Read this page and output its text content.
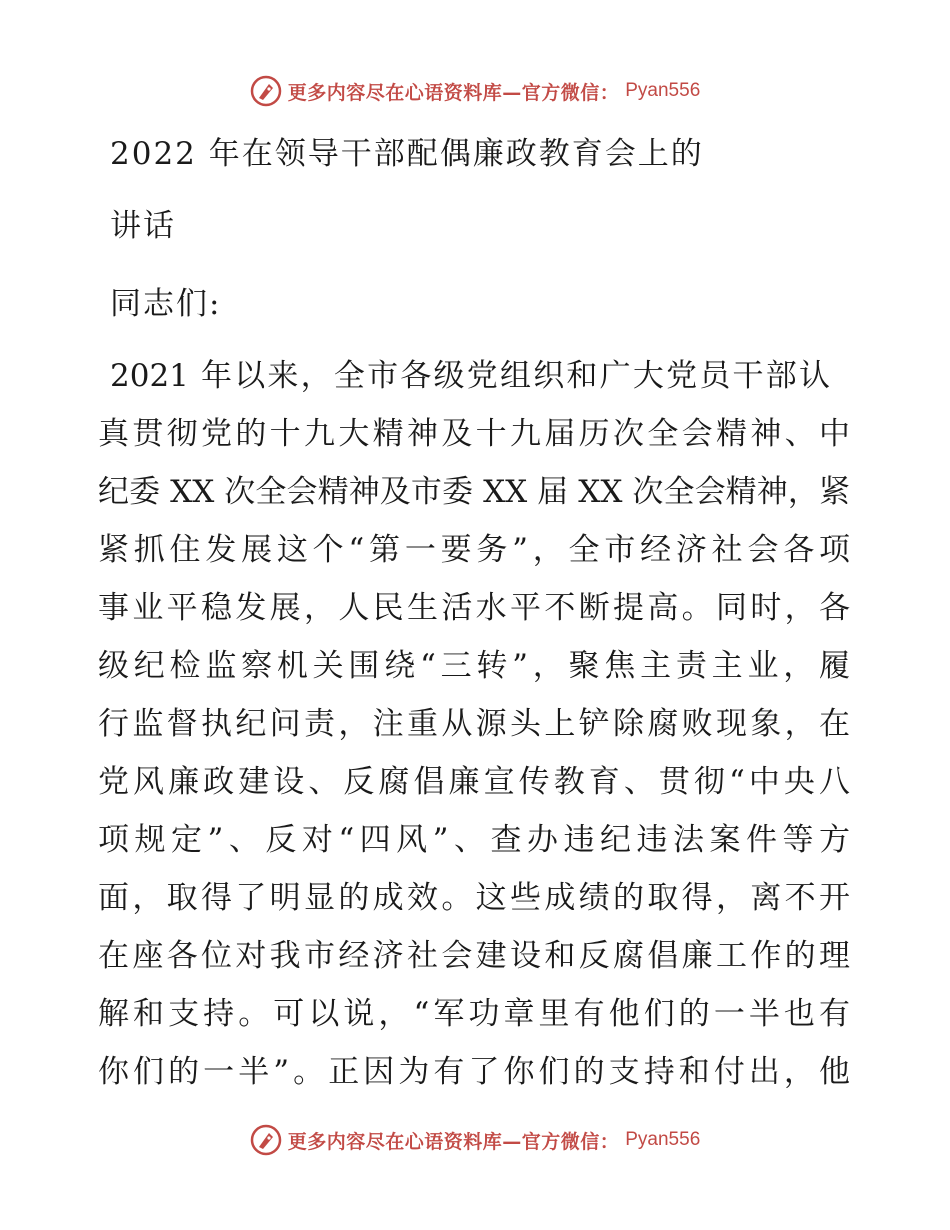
更多内容尽在心语资料库—官方微信： Pyan556
2022 年在领导干部配偶廉政教育会上的
讲话
同志们:
2021 年以来，全市各级党组织和广大党员干部认
真贯彻党的十九大精神及十九届历次全会精神、中
纪委 XX 次全会精神及市委 XX 届 XX 次全会精神，紧
紧抓住发展这个“第一要务”，全市经济社会各项
事业平稳发展，人民生活水平不断提高。同时，各
级纪检监察机关围绕“三转”，聚焦主责主业，履
行监督执纪问责，注重从源头上铲除腐败现象，在
党风廉政建设、反腐倡廉宣传教育、贯彻“中央八
项规定”、反对“四风”、查办违纪违法案件等方
面，取得了明显的成效。这些成绩的取得，离不开
在座各位对我市经济社会建设和反腐倡廉工作的理
解和支持。可以说，“军功章里有他们的一半也有
你们的一半”。正因为有了你们的支持和付出，他
更多内容尽在心语资料库—官方微信： Pyan556
